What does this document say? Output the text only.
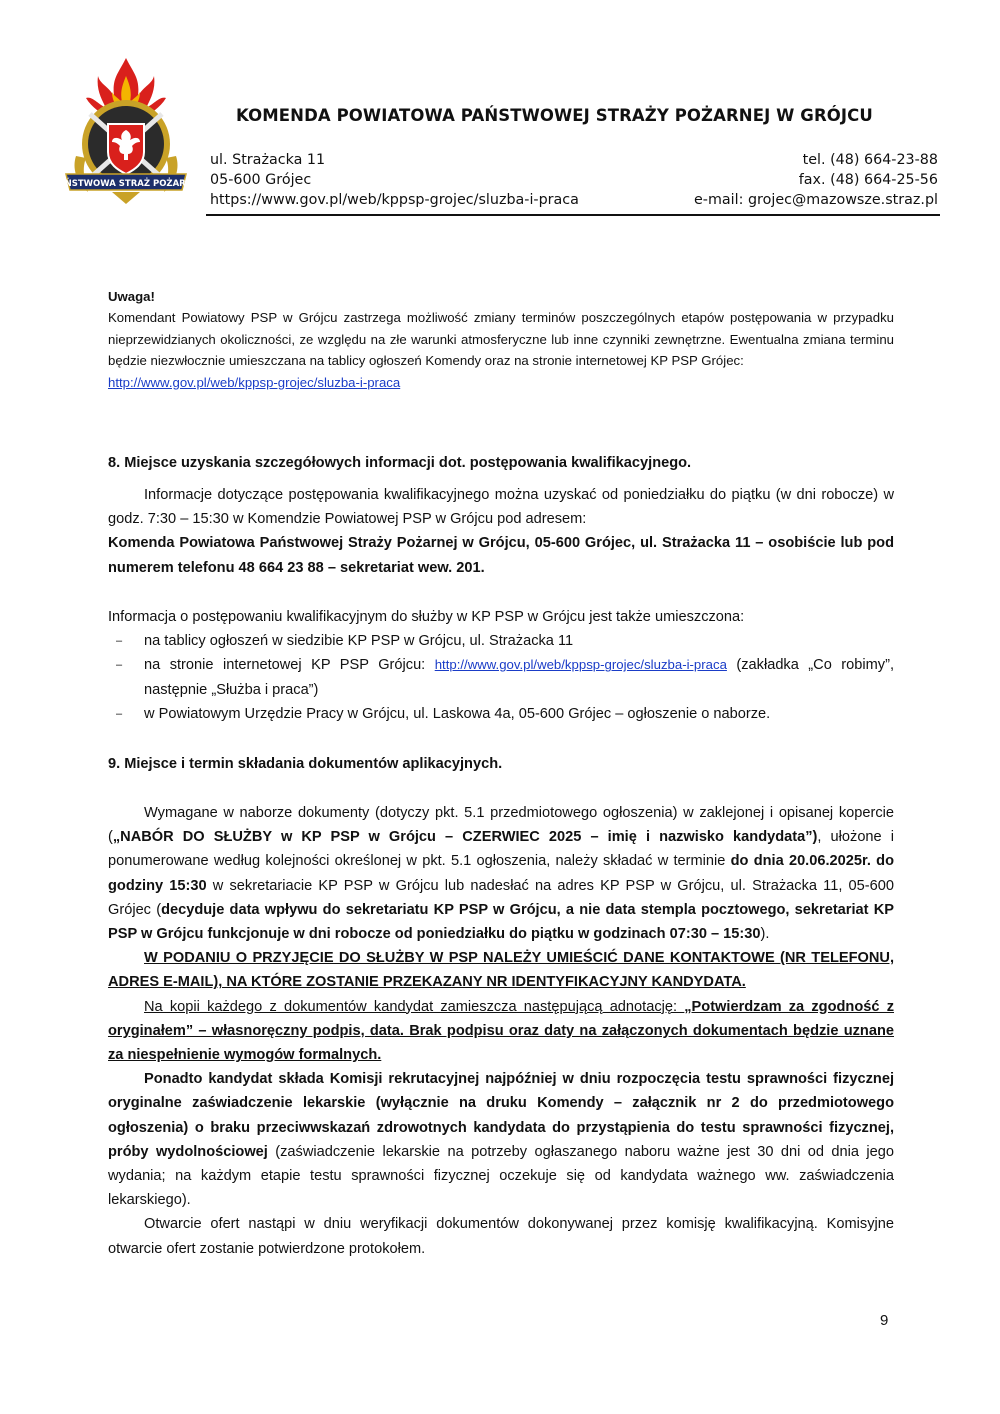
PAŃSTWOWA STRAŻ POŻARNA
KOMENDA POWIATOWA PAŃSTWOWEJ STRAŻY POŻARNEJ W GRÓJCU
ul. Strażacka 11
05-600 Grójec
https://www.gov.pl/web/kppsp-grojec/sluzba-i-praca
tel. (48) 664-23-88
fax. (48) 664-25-56
e-mail: grojec@mazowsze.straz.pl

Uwaga!

Komendant Powiatowy PSP w Grójcu zastrzega możliwość zmiany terminów poszczególnych etapów postępowania w przypadku nieprzewidzianych okoliczności, ze względu na złe warunki atmosferyczne lub inne czynniki zewnętrzne. Ewentualna zmiana terminu będzie niezwłocznie umieszczana na tablicy ogłoszeń Komendy oraz na stronie internetowej KP PSP Grójec:
http://www.gov.pl/web/kppsp-grojec/sluzba-i-praca

8. Miejsce uzyskania szczegółowych informacji dot. postępowania kwalifikacyjnego.

Informacje dotyczące postępowania kwalifikacyjnego można uzyskać od poniedziałku do piątku (w dni robocze) w godz. 7:30 – 15:30 w Komendzie Powiatowej PSP w Grójcu pod adresem:

Komenda Powiatowa Państwowej Straży Pożarnej w Grójcu, 05-600 Grójec, ul. Strażacka 11 – osobiście lub pod numerem telefonu 48 664 23 88 – sekretariat wew. 201.

Informacja o postępowaniu kwalifikacyjnym do służby w KP PSP w Grójcu jest także umieszczona:

– na tablicy ogłoszeń w siedzibie KP PSP w Grójcu, ul. Strażacka 11
– na stronie internetowej KP PSP Grójcu: http://www.gov.pl/web/kppsp-grojec/sluzba-i-praca (zakładka „Co robimy”, następnie „Służba i praca”)
– w Powiatowym Urzędzie Pracy w Grójcu, ul. Laskowa 4a, 05-600 Grójec – ogłoszenie o naborze.
9. Miejsce i termin składania dokumentów aplikacyjnych.

Wymagane w naborze dokumenty (dotyczy pkt. 5.1 przedmiotowego ogłoszenia) w zaklejonej i opisanej kopercie („NABÓR DO SŁUŻBY w KP PSP w Grójcu – CZERWIEC 2025 – imię i nazwisko kandydata”), ułożone i ponumerowane według kolejności określonej w pkt. 5.1 ogłoszenia, należy składać w terminie do dnia 20.06.2025r. do godziny 15:30 w sekretariacie KP PSP w Grójcu lub nadesłać na adres KP PSP w Grójcu, ul. Strażacka 11, 05-600 Grójec (decyduje data wpływu do sekretariatu KP PSP w Grójcu, a nie data stempla pocztowego, sekretariat KP PSP w Grójcu funkcjonuje w dni robocze od poniedziałku do piątku w godzinach 07:30 – 15:30).

W PODANIU O PRZYJĘCIE DO SŁUŻBY W PSP NALEŻY UMIEŚCIĆ DANE KONTAKTOWE (NR TELEFONU, ADRES E-MAIL), NA KTÓRE ZOSTANIE PRZEKAZANY NR IDENTYFIKACYJNY KANDYDATA.

Na kopii każdego z dokumentów kandydat zamieszcza następującą adnotację: „Potwierdzam za zgodność z oryginałem” – własnoręczny podpis, data. Brak podpisu oraz daty na załączonych dokumentach będzie uznane za niespełnienie wymogów formalnych.

Ponadto kandydat składa Komisji rekrutacyjnej najpóźniej w dniu rozpoczęcia testu sprawności fizycznej oryginalne zaświadczenie lekarskie (wyłącznie na druku Komendy – załącznik nr 2 do przedmiotowego ogłoszenia) o braku przeciwwskazań zdrowotnych kandydata do przystąpienia do testu sprawności fizycznej, próby wydolnościowej (zaświadczenie lekarskie na potrzeby ogłaszanego naboru ważne jest 30 dni od dnia jego wydania; na każdym etapie testu sprawności fizycznej oczekuje się od kandydata ważnego ww. zaświadczenia lekarskiego).

Otwarcie ofert nastąpi w dniu weryfikacji dokumentów dokonywanej przez komisję kwalifikacyjną. Komisyjne otwarcie ofert zostanie potwierdzone protokołem.

9
